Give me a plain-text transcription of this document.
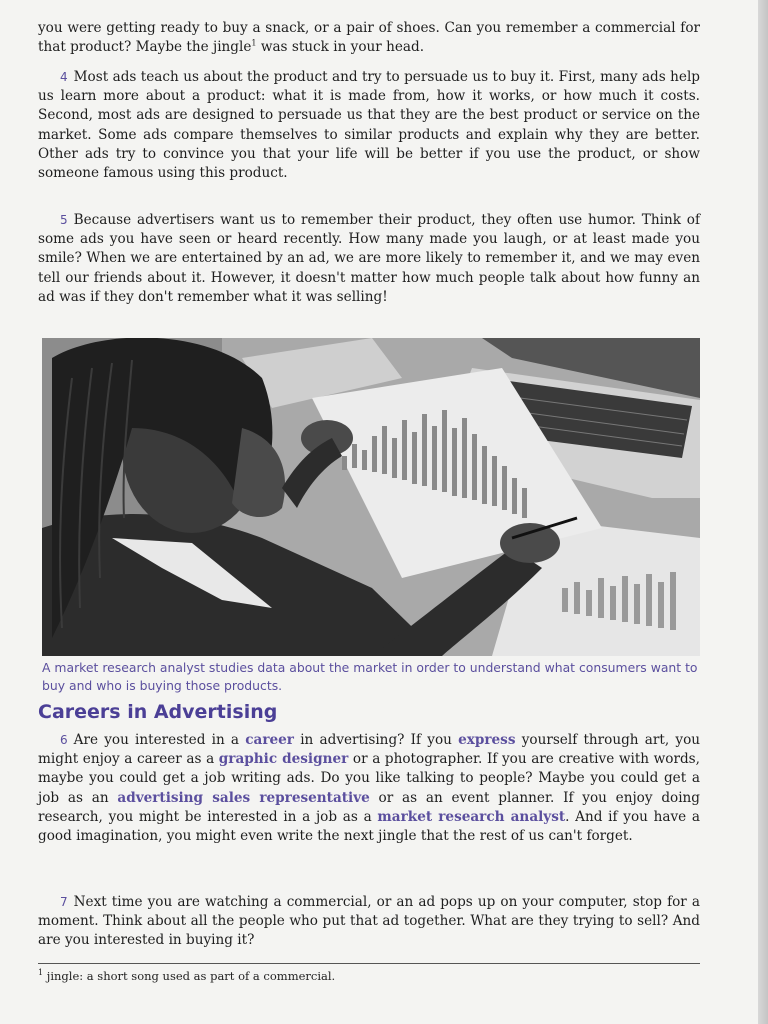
you were getting ready to buy a snack, or a pair of shoes. Can you remember a commercial for that product? Maybe the jingle$^1$ was stuck in your head.

4 Most ads teach us about the product and try to persuade us to buy it. First, many ads help us learn more about a product: what it is made from, how it works, or how much it costs. Second, most ads are designed to persuade us that they are the best product or service on the market. Some ads compare themselves to similar products and explain why they are better. Other ads try to convince you that your life will be better if you use the product, or show someone famous using this product.

5 Because advertisers want us to remember their product, they often use humor. Think of some ads you have seen or heard recently. How many made you laugh, or at least made you smile? When we are entertained by an ad, we are more likely to remember it, and we may even tell our friends about it. However, it doesn't matter how much people talk about how funny an ad was if they don't remember what it was selling!

A market research analyst studies data about the market in order to understand what consumers want to buy and who is buying those products.
Careers in Advertising

6 Are you interested in a career in advertising? If you express yourself through art, you might enjoy a career as a graphic designer or a photographer. If you are creative with words, maybe you could get a job writing ads. Do you like talking to people? Maybe you could get a job as an advertising sales representative or as an event planner. If you enjoy doing research, you might be interested in a job as a market research analyst. And if you have a good imagination, you might even write the next jingle that the rest of us can't forget.

7 Next time you are watching a commercial, or an ad pops up on your computer, stop for a moment. Think about all the people who put that ad together. What are they trying to sell? And are you interested in buying it?

$^1$ jingle: a short song used as part of a commercial.
